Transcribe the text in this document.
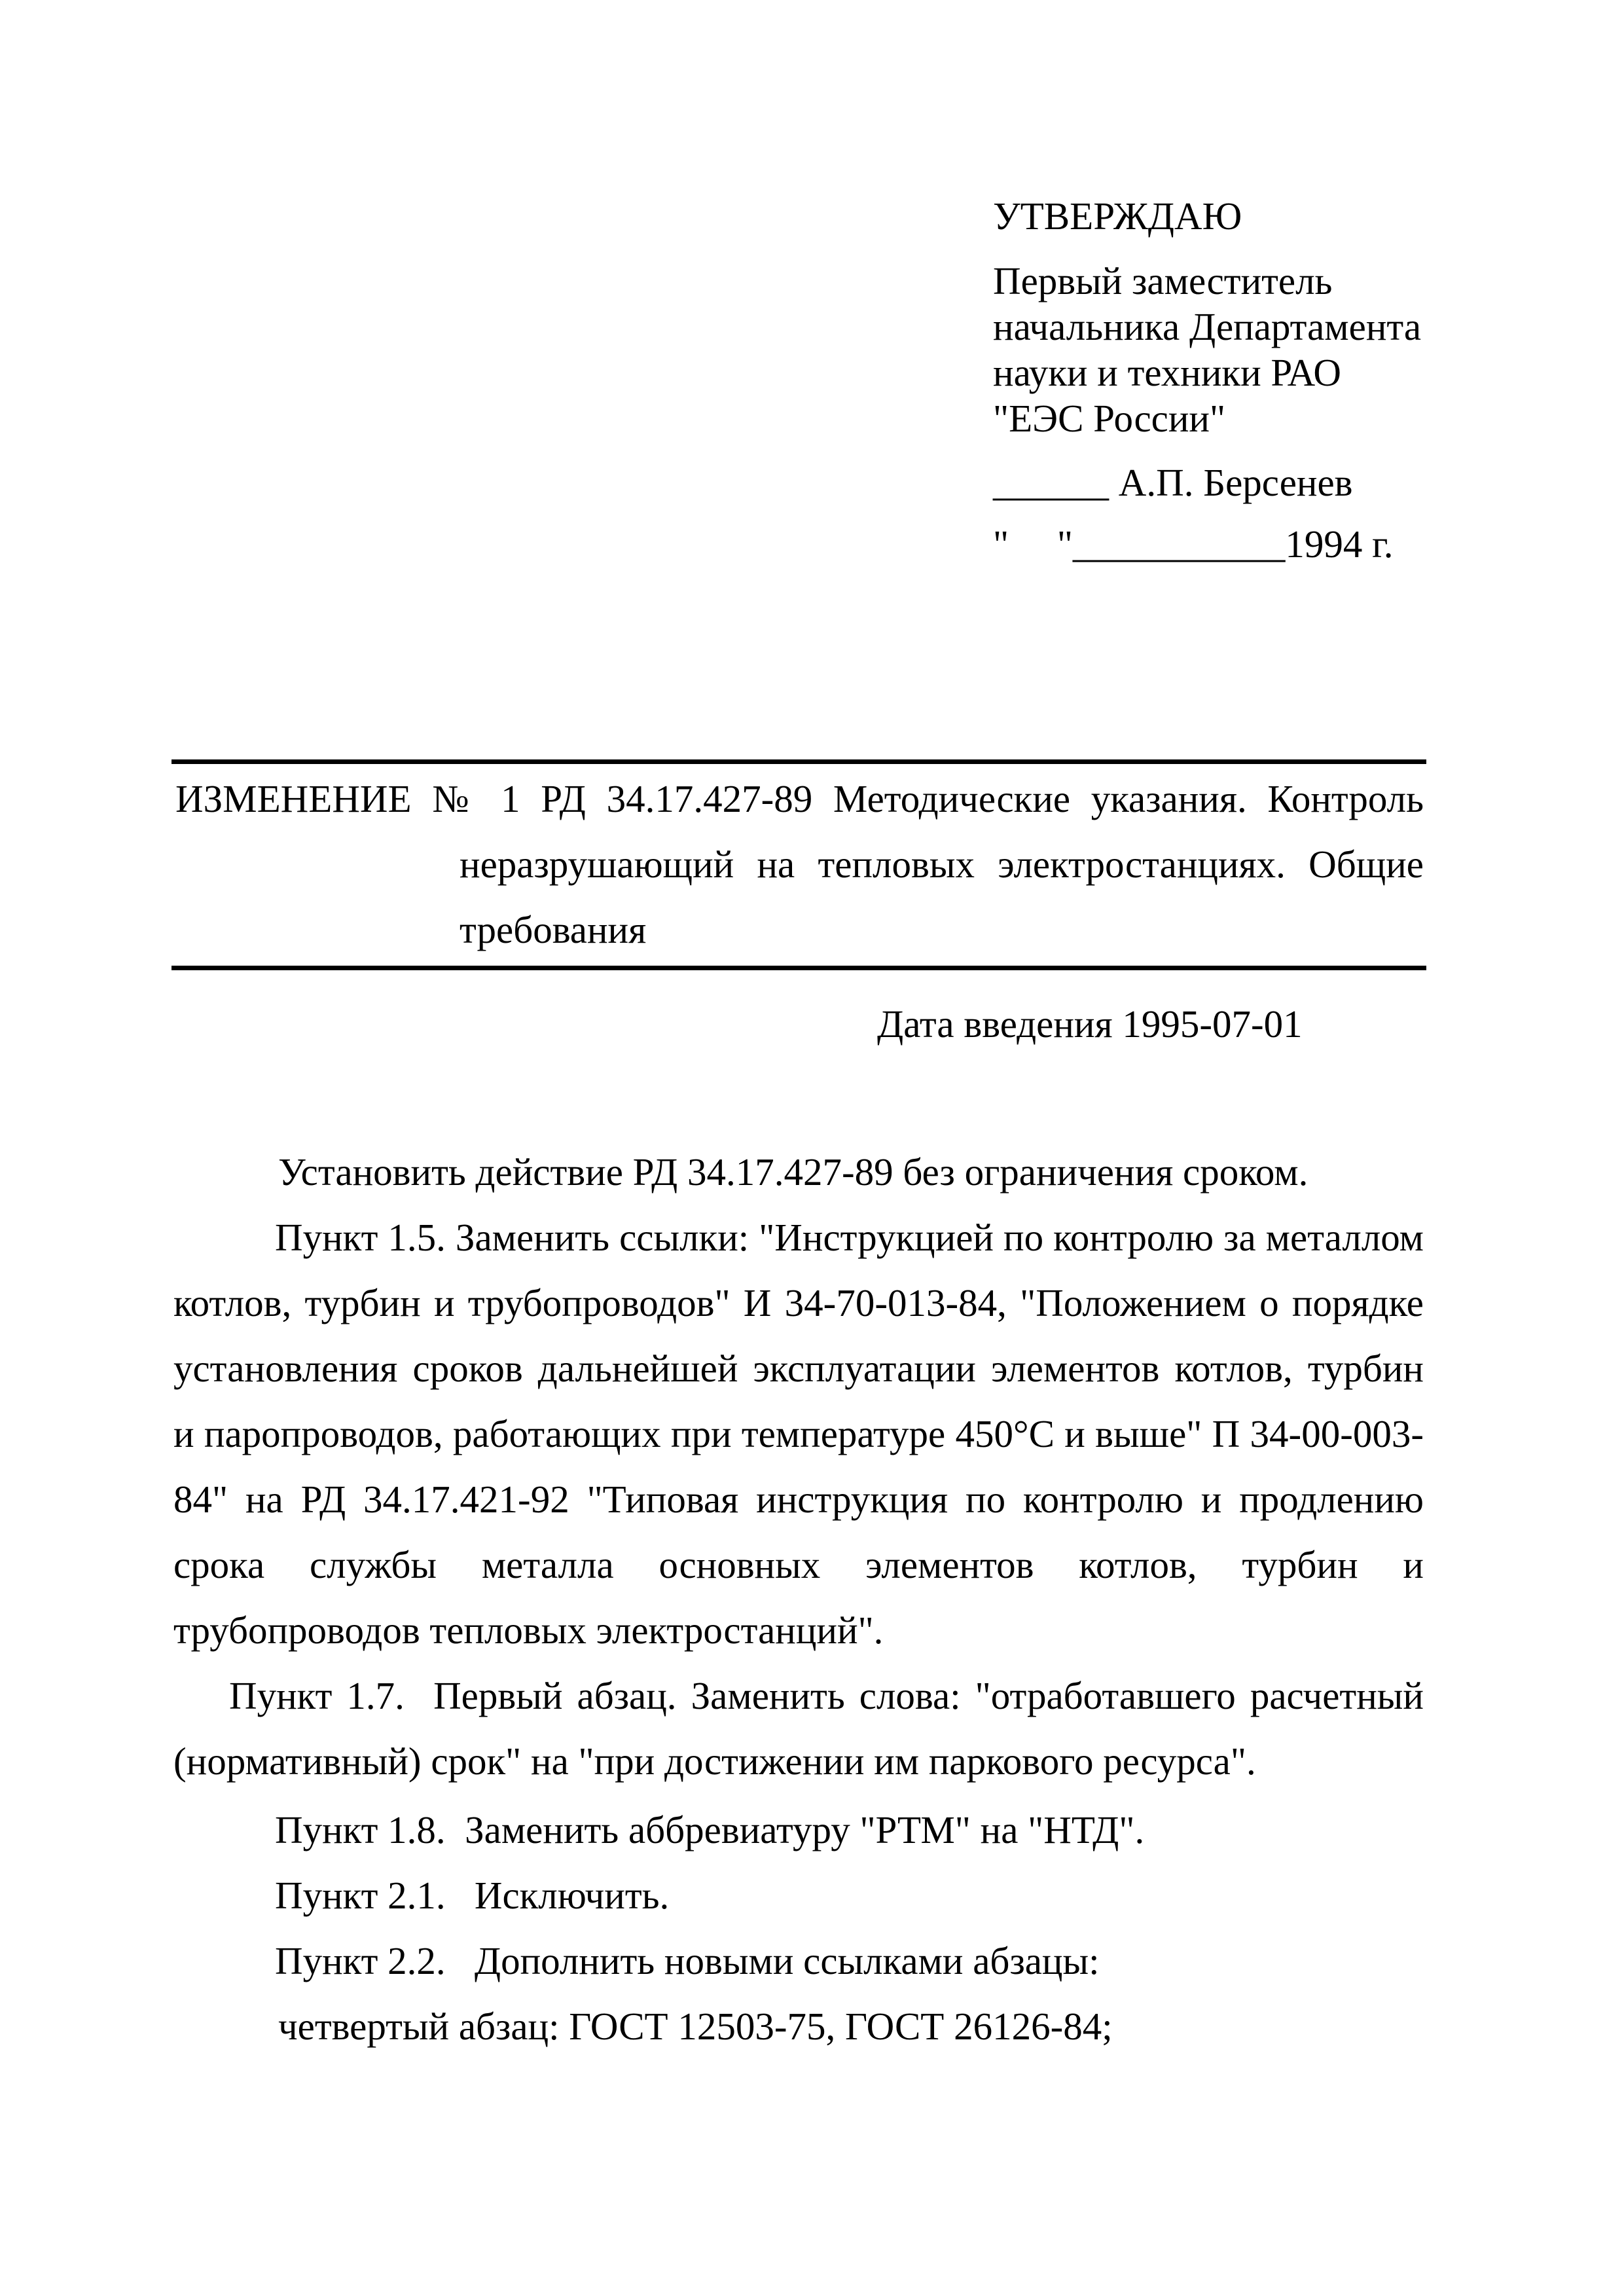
УТВЕРЖДАЮ
Первый заместитель
начальника Департамента
науки и техники РАО
"ЕЭС России"
______ А.П. Берсенев
"     "___________1994 г.
ИЗМЕНЕНИЕ № 1 РД 34.17.427-89 Методические указания. Контроль
неразрушающий на тепловых электростанциях. Общие
требования
Дата введения 1995-07-01
Установить действие РД 34.17.427-89 без ограничения сроком.
Пункт 1.5. Заменить ссылки: "Инструкцией по контролю за металлом
котлов, турбин и трубопроводов" И 34-70-013-84, "Положением о порядке
установления сроков дальнейшей эксплуатации элементов котлов, турбин
и паропроводов, работающих при температуре 450°С и выше" П 34-00-003-
84" на РД 34.17.421-92 "Типовая инструкция по контролю и продлению
срока службы металла основных элементов котлов, турбин и
трубопроводов тепловых электростанций".
Пункт 1.7.  Первый абзац. Заменить слова: "отработавшего расчетный
(нормативный) срок" на "при достижении им паркового ресурса".
Пункт 1.8.  Заменить аббревиатуру "РТМ" на "НТД".
Пункт 2.1.   Исключить.
Пункт 2.2.   Дополнить новыми ссылками абзацы:
четвертый абзац: ГОСТ 12503-75, ГОСТ 26126-84;
